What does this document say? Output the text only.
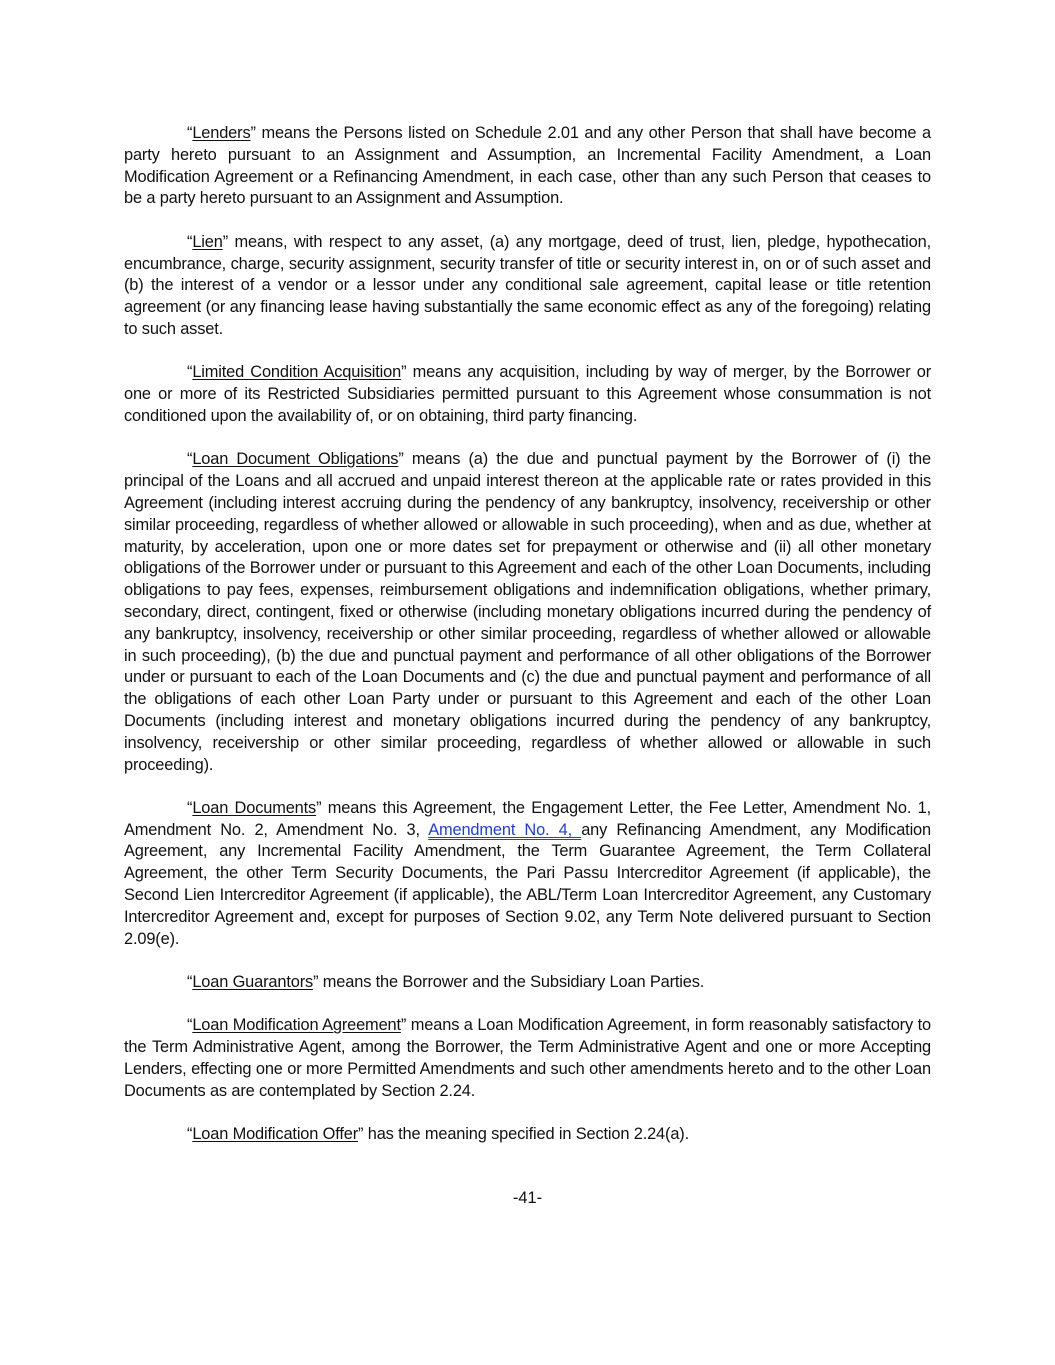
“Lenders” means the Persons listed on Schedule 2.01 and any other Person that shall have become a party hereto pursuant to an Assignment and Assumption, an Incremental Facility Amendment, a Loan Modification Agreement or a Refinancing Amendment, in each case, other than any such Person that ceases to be a party hereto pursuant to an Assignment and Assumption.

“Lien” means, with respect to any asset, (a) any mortgage, deed of trust, lien, pledge, hypothecation, encumbrance, charge, security assignment, security transfer of title or security interest in, on or of such asset and (b) the interest of a vendor or a lessor under any conditional sale agreement, capital lease or title retention agreement (or any financing lease having substantially the same economic effect as any of the foregoing) relating to such asset.

“Limited Condition Acquisition” means any acquisition, including by way of merger, by the Borrower or one or more of its Restricted Subsidiaries permitted pursuant to this Agreement whose consummation is not conditioned upon the availability of, or on obtaining, third party financing.

“Loan Document Obligations” means (a) the due and punctual payment by the Borrower of (i) the principal of the Loans and all accrued and unpaid interest thereon at the applicable rate or rates provided in this Agreement (including interest accruing during the pendency of any bankruptcy, insolvency, receivership or other similar proceeding, regardless of whether allowed or allowable in such proceeding), when and as due, whether at maturity, by acceleration, upon one or more dates set for prepayment or otherwise and (ii) all other monetary obligations of the Borrower under or pursuant to this Agreement and each of the other Loan Documents, including obligations to pay fees, expenses, reimbursement obligations and indemnification obligations, whether primary, secondary, direct, contingent, fixed or otherwise (including monetary obligations incurred during the pendency of any bankruptcy, insolvency, receivership or other similar proceeding, regardless of whether allowed or allowable in such proceeding), (b) the due and punctual payment and performance of all other obligations of the Borrower under or pursuant to each of the Loan Documents and (c) the due and punctual payment and performance of all the obligations of each other Loan Party under or pursuant to this Agreement and each of the other Loan Documents (including interest and monetary obligations incurred during the pendency of any bankruptcy, insolvency, receivership or other similar proceeding, regardless of whether allowed or allowable in such proceeding).

“Loan Documents” means this Agreement, the Engagement Letter, the Fee Letter, Amendment No. 1, Amendment No. 2, Amendment No. 3, Amendment No. 4, any Refinancing Amendment, any Modification Agreement, any Incremental Facility Amendment, the Term Guarantee Agreement, the Term Collateral Agreement, the other Term Security Documents, the Pari Passu Intercreditor Agreement (if applicable), the Second Lien Intercreditor Agreement (if applicable), the ABL/Term Loan Intercreditor Agreement, any Customary Intercreditor Agreement and, except for purposes of Section 9.02, any Term Note delivered pursuant to Section 2.09(e).

“Loan Guarantors” means the Borrower and the Subsidiary Loan Parties.

“Loan Modification Agreement” means a Loan Modification Agreement, in form reasonably satisfactory to the Term Administrative Agent, among the Borrower, the Term Administrative Agent and one or more Accepting Lenders, effecting one or more Permitted Amendments and such other amendments hereto and to the other Loan Documents as are contemplated by Section 2.24.

“Loan Modification Offer” has the meaning specified in Section 2.24(a).

-41-
